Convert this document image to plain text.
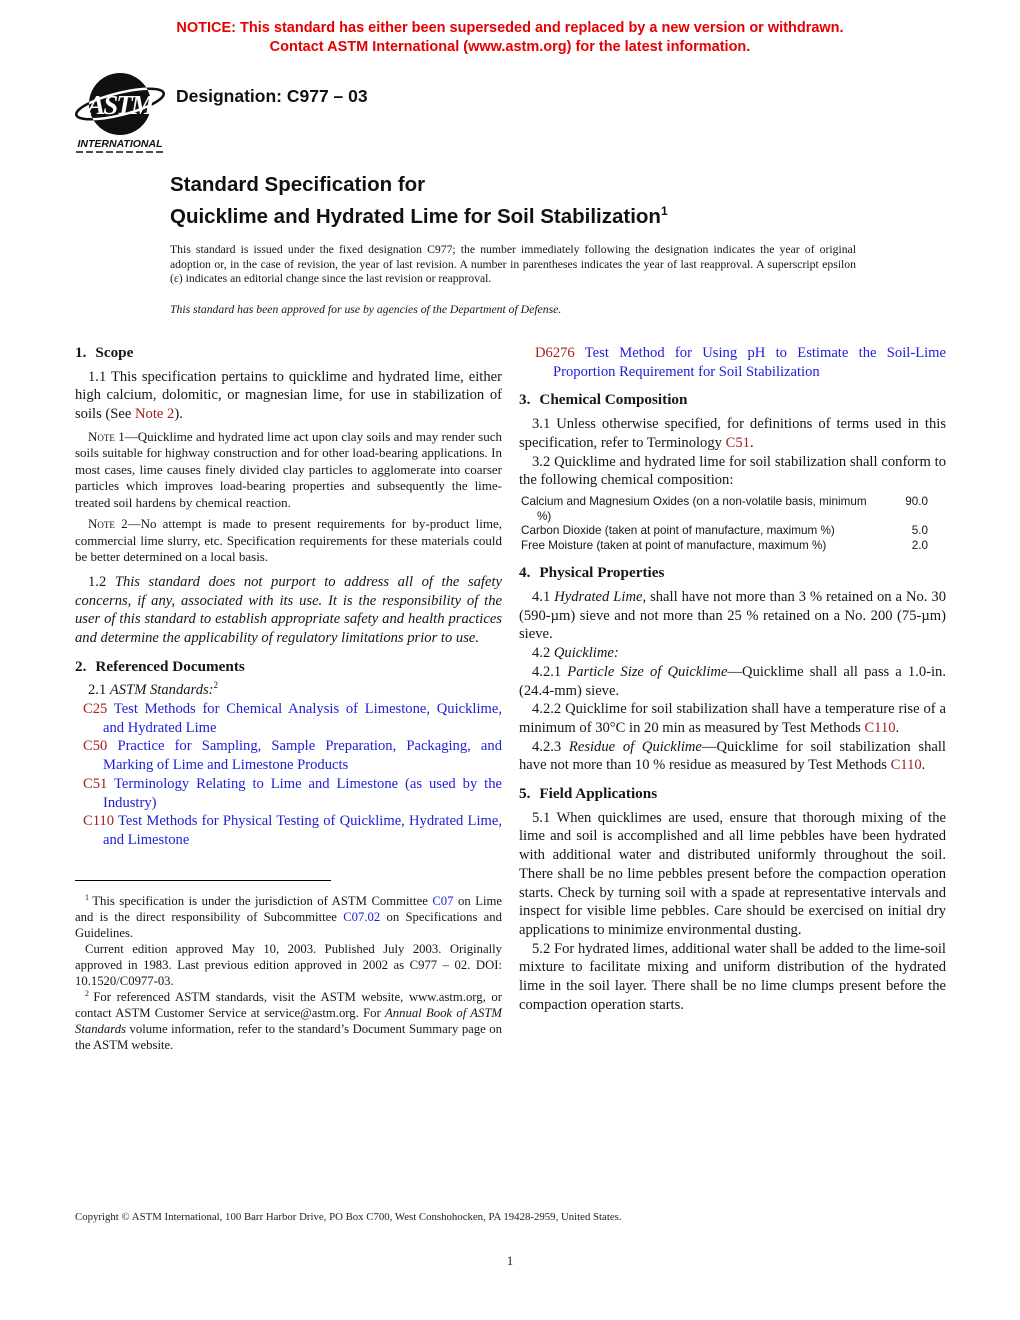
NOTICE: This standard has either been superseded and replaced by a new version or withdrawn.
Contact ASTM International (www.astm.org) for the latest information.
ASTM
INTERNATIONAL
Designation: C977 – 03
Standard Specification for
Quicklime and Hydrated Lime for Soil Stabilization$^1$
This standard is issued under the fixed designation C977; the number immediately following the designation indicates the year of original adoption or, in the case of revision, the year of last revision. A number in parentheses indicates the year of last reapproval. A superscript epsilon (ε) indicates an editorial change since the last revision or reapproval.
This standard has been approved for use by agencies of the Department of Defense.
1. Scope

1.1 This specification pertains to quicklime and hydrated lime, either high calcium, dolomitic, or magnesian lime, for use in stabilization of soils (See Note 2).

Note 1—Quicklime and hydrated lime act upon clay soils and may render such soils suitable for highway construction and for other load-bearing applications. In most cases, lime causes finely divided clay particles to agglomerate into coarser particles which improves load-bearing properties and subsequently the lime-treated soil hardens by chemical reaction.

Note 2—No attempt is made to present requirements for by-product lime, commercial lime slurry, etc. Specification requirements for these materials could be better determined on a local basis.

1.2 This standard does not purport to address all of the safety concerns, if any, associated with its use. It is the responsibility of the user of this standard to establish appropriate safety and health practices and determine the applicability of regulatory limitations prior to use.

2. Referenced Documents

2.1 ASTM Standards:$^2$

C25 Test Methods for Chemical Analysis of Limestone, Quicklime, and Hydrated Lime

C50 Practice for Sampling, Sample Preparation, Packaging, and Marking of Lime and Limestone Products

C51 Terminology Relating to Lime and Limestone (as used by the Industry)

C110 Test Methods for Physical Testing of Quicklime, Hydrated Lime, and Limestone

$^1$ This specification is under the jurisdiction of ASTM Committee C07 on Lime and is the direct responsibility of Subcommittee C07.02 on Specifications and Guidelines.

Current edition approved May 10, 2003. Published July 2003. Originally approved in 1983. Last previous edition approved in 2002 as C977 – 02. DOI: 10.1520/C0977-03.

$^2$ For referenced ASTM standards, visit the ASTM website, www.astm.org, or contact ASTM Customer Service at service@astm.org. For Annual Book of ASTM Standards volume information, refer to the standard’s Document Summary page on the ASTM website.

D6276 Test Method for Using pH to Estimate the Soil-Lime Proportion Requirement for Soil Stabilization

3. Chemical Composition

3.1 Unless otherwise specified, for definitions of terms used in this specification, refer to Terminology C51.

3.2 Quicklime and hydrated lime for soil stabilization shall conform to the following chemical composition:

Calcium and Magnesium Oxides (on a non-volatile basis, minimum %)
90.0
Carbon Dioxide (taken at point of manufacture, maximum %)	5.0
Free Moisture (taken at point of manufacture, maximum %)	2.0
4. Physical Properties

4.1 Hydrated Lime, shall have not more than 3 % retained on a No. 30 (590-µm) sieve and not more than 25 % retained on a No. 200 (75-µm) sieve.

4.2 Quicklime:

4.2.1 Particle Size of Quicklime—Quicklime shall all pass a 1.0-in. (24.4-mm) sieve.

4.2.2 Quicklime for soil stabilization shall have a temperature rise of a minimum of 30°C in 20 min as measured by Test Methods C110.

4.2.3 Residue of Quicklime—Quicklime for soil stabilization shall have not more than 10 % residue as measured by Test Methods C110.

5. Field Applications

5.1 When quicklimes are used, ensure that thorough mixing of the lime and soil is accomplished and all lime pebbles have been hydrated with additional water and distributed uniformly throughout the soil. There shall be no lime pebbles present before the compaction operation starts. Check by turning soil with a spade at representative intervals and inspect for visible lime pebbles. Care should be exercised on initial dry applications to minimize environmental dusting.

5.2 For hydrated limes, additional water shall be added to the lime-soil mixture to facilitate mixing and uniform distribution of the hydrated lime in the soil layer. There shall be no lime clumps present before the compaction operation starts.

Copyright © ASTM International, 100 Barr Harbor Drive, PO Box C700, West Conshohocken, PA 19428-2959, United States.
1
